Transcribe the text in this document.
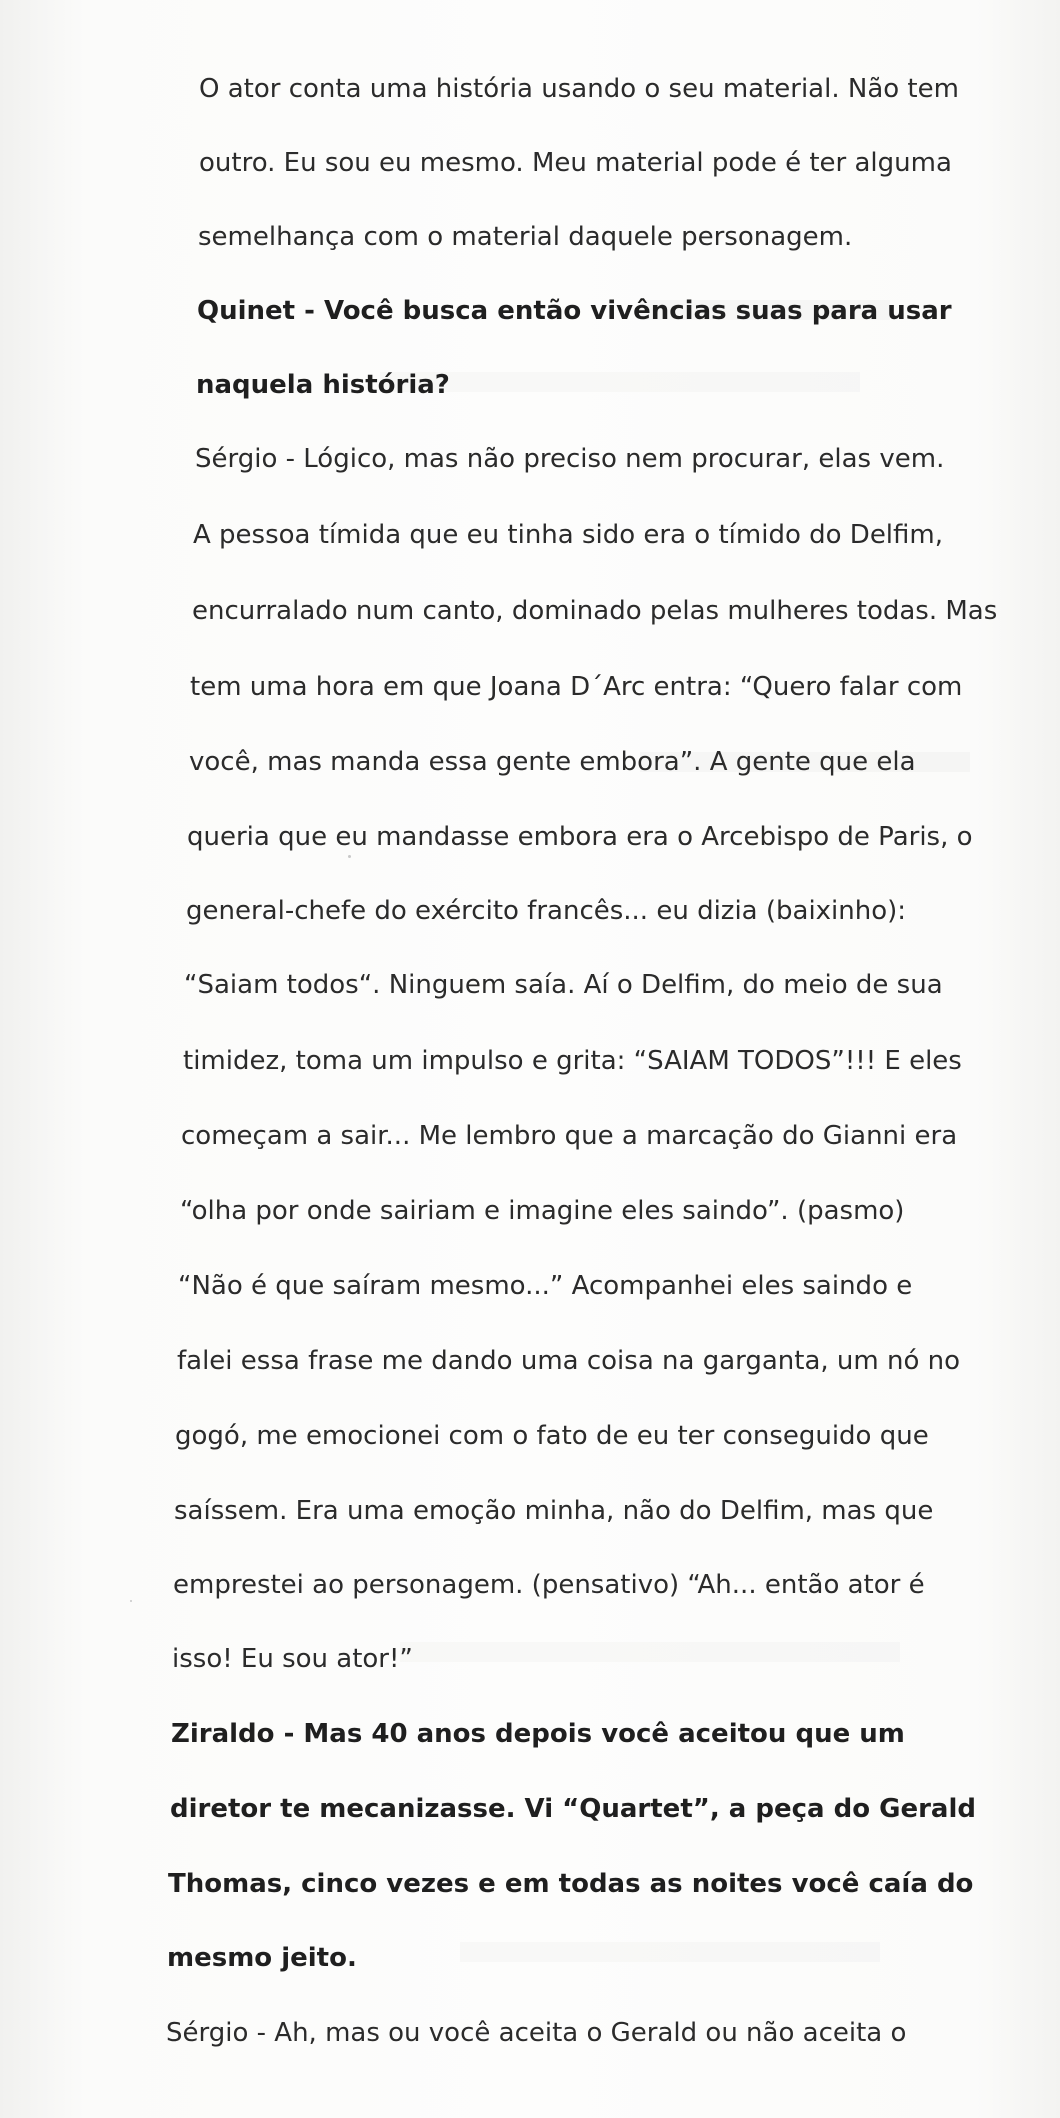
O ator conta uma história usando o seu material. Não tem
outro. Eu sou eu mesmo. Meu material pode é ter alguma
semelhança com o material daquele personagem.
Quinet - Você busca então vivências suas para usar
naquela história?
Sérgio - Lógico, mas não preciso nem procurar, elas vem.
A pessoa tímida que eu tinha sido era o tímido do Delfim,
encurralado num canto, dominado pelas mulheres todas. Mas
tem uma hora em que Joana D´Arc entra: “Quero falar com
você, mas manda essa gente embora”. A gente que ela
queria que eu mandasse embora era o Arcebispo de Paris, o
general-chefe do exército francês... eu dizia (baixinho):
“Saiam todos“. Ninguem saía. Aí o Delfim, do meio de sua
timidez, toma um impulso e grita: “SAIAM TODOS”!!! E eles
começam a sair... Me lembro que a marcação do Gianni era
“olha por onde sairiam e imagine eles saindo”. (pasmo)
“Não é que saíram mesmo...” Acompanhei eles saindo e
falei essa frase me dando uma coisa na garganta, um nó no
gogó, me emocionei com o fato de eu ter conseguido que
saíssem. Era uma emoção minha, não do Delfim, mas que
emprestei ao personagem. (pensativo) “Ah... então ator é
isso! Eu sou ator!”
Ziraldo - Mas 40 anos depois você aceitou que um
diretor te mecanizasse. Vi “Quartet”, a peça do Gerald
Thomas, cinco vezes e em todas as noites você caía do
mesmo jeito.
Sérgio - Ah, mas ou você aceita o Gerald ou não aceita o
